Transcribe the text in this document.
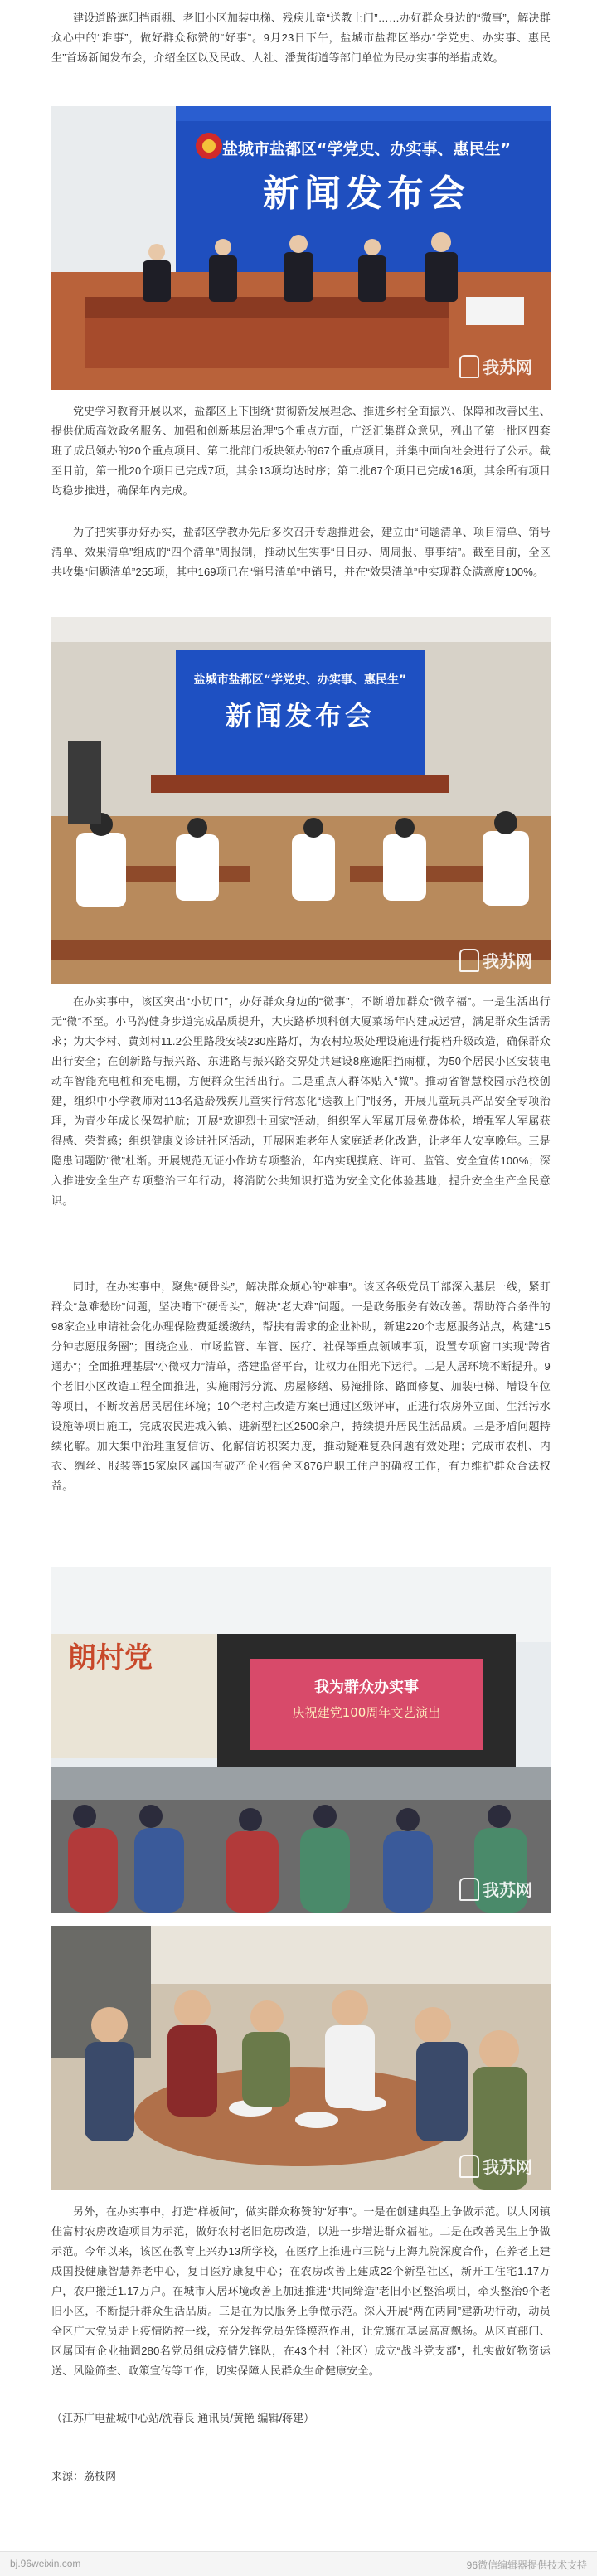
建设道路遮阳挡雨棚、老旧小区加装电梯、残疾儿童“送教上门”……办好群众身边的“微事”，解决群众心中的“难事”，做好群众称赞的“好事”。9月23日下午，盐城市盐都区举办“学党史、办实事、惠民生”首场新闻发布会，介绍全区以及民政、人社、潘黄街道等部门单位为民办实事的举措成效。

盐城市盐都区“学党史、办实事、惠民生”
新闻发布会
我苏网

党史学习教育开展以来，盐都区上下围绕“贯彻新发展理念、推进乡村全面振兴、保障和改善民生、提供优质高效政务服务、加强和创新基层治理”5个重点方面，广泛汇集群众意见，列出了第一批区四套班子成员领办的20个重点项目、第二批部门板块领办的67个重点项目，并集中面向社会进行了公示。截至目前，第一批20个项目已完成7项，其余13项均达时序；第二批67个项目已完成16项，其余所有项目均稳步推进，确保年内完成。

为了把实事办好办实，盐都区学教办先后多次召开专题推进会，建立由“问题清单、项目清单、销号清单、效果清单”组成的“四个清单”周报制，推动民生实事“日日办、周周报、事事结”。截至目前，全区共收集“问题清单”255项，其中169项已在“销号清单”中销号，并在“效果清单”中实现群众满意度100%。

盐城市盐都区“学党史、办实事、惠民生”
新闻发布会
我苏网

在办实事中，该区突出“小切口”，办好群众身边的“微事”，不断增加群众“微幸福”。一是生活出行无“微”不至。小马沟健身步道完成品质提升，大庆路桥坝科创大厦菜场年内建成运营，满足群众生活需求；为大李村、黄刘村11.2公里路段安装230座路灯，为农村垃圾处理设施进行提档升级改造，确保群众出行安全；在创新路与振兴路、东进路与振兴路交界处共建设8座遮阳挡雨棚，为50个居民小区安装电动车智能充电桩和充电棚，方便群众生活出行。二是重点人群体贴入“微”。推动省智慧校园示范校创建，组织中小学教师对113名适龄残疾儿童实行常态化“送教上门”服务，开展儿童玩具产品安全专项治理，为青少年成长保驾护航；开展“欢迎烈士回家”活动，组织军人军属开展免费体检，增强军人军属获得感、荣誉感；组织健康义诊进社区活动，开展困难老年人家庭适老化改造，让老年人安享晚年。三是隐患问题防“微”杜渐。开展规范无证小作坊专项整治，年内实现摸底、许可、监管、安全宣传100%；深入推进安全生产专项整治三年行动，将消防公共知识打造为安全文化体验基地，提升安全生产全民意识。

同时，在办实事中，聚焦“硬骨头”，解决群众烦心的“难事”。该区各级党员干部深入基层一线，紧盯群众“急难愁盼”问题，坚决啃下“硬骨头”，解决“老大难”问题。一是政务服务有效改善。帮助符合条件的98家企业申请社会化办理保险费延缓缴纳，帮扶有需求的企业补助，新建220个志愿服务站点，构建“15分钟志愿服务圈”；围绕企业、市场监管、车管、医疗、社保等重点领域事项，设置专项窗口实现“跨省通办”；全面推理基层“小微权力”清单，搭建监督平台，让权力在阳光下运行。二是人居环境不断提升。9个老旧小区改造工程全面推进，实施雨污分流、房屋修缮、易淹排除、路面修复、加装电梯、增设车位等项目，不断改善居民居住环境；10个老村庄改造方案已通过区级评审，正进行农房外立面、生活污水设施等项目施工，完成农民进城入镇、进新型社区2500余户，持续提升居民生活品质。三是矛盾问题持续化解。加大集中治理重复信访、化解信访积案力度，推动疑难复杂问题有效处理；完成市农机、内衣、绸丝、服装等15家原区属国有破产企业宿舍区876户职工住户的确权工作，有力维护群众合法权益。

朗村党
我为群众办实事
庆祝建党100周年文艺演出
我苏网
我苏网

另外，在办实事中，打造“样板间”，做实群众称赞的“好事”。一是在创建典型上争做示范。以大冈镇佳富村农房改造项目为示范，做好农村老旧危房改造，以进一步增进群众福祉。二是在改善民生上争做示范。今年以来，该区在教育上兴办13所学校，在医疗上推进市三院与上海九院深度合作，在养老上建成国投健康智慧养老中心，复目医疗康复中心；在农房改善上建成22个新型社区，新开工住宅1.17万户，农户搬迁1.17万户。在城市人居环境改善上加速推进“共同缔造”老旧小区整治项目，牵头整治9个老旧小区，不断提升群众生活品质。三是在为民服务上争做示范。深入开展“两在两同”建新功行动，动员全区广大党员走上疫情防控一线，充分发挥党员先锋模范作用，让党旗在基层高高飘扬。从区直部门、区属国有企业抽调280名党员组成疫情先锋队，在43个村（社区）成立“战斗党支部”，扎实做好物资运送、风险筛查、政策宣传等工作，切实保障人民群众生命健康安全。

（江苏广电盐城中心站/沈春良 通讯员/黄艳 编辑/蒋建）

来源：荔枝网

bj.96weixin.com	96微信编辑器提供技术支持
